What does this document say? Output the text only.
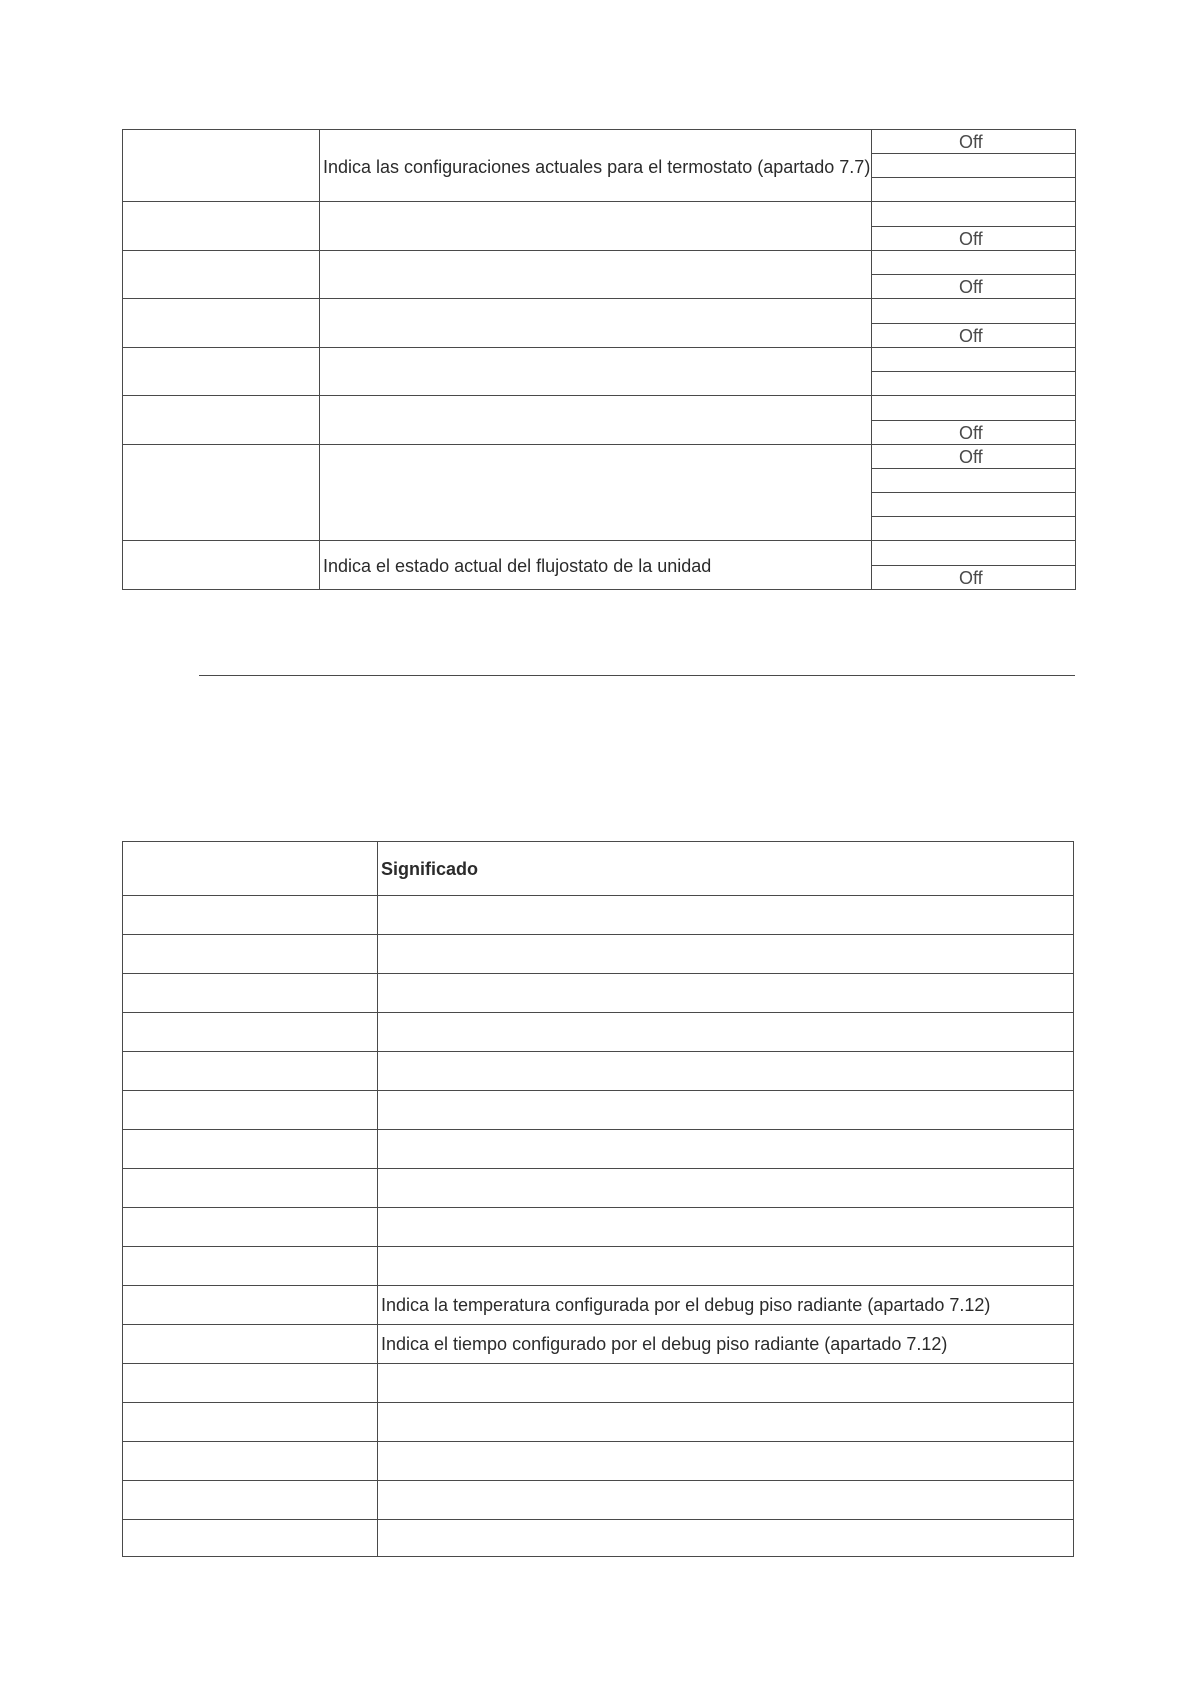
Indica las configuraciones actuales para el termostato (apartado 7.7)
Indica el estado actual del flujostato de la unidad
Off
Off
Off
Off
Off
Off
Off
Significado
Indica la temperatura configurada por el debug piso radiante (apartado 7.12)
Indica el tiempo configurado por el debug piso radiante (apartado 7.12)
